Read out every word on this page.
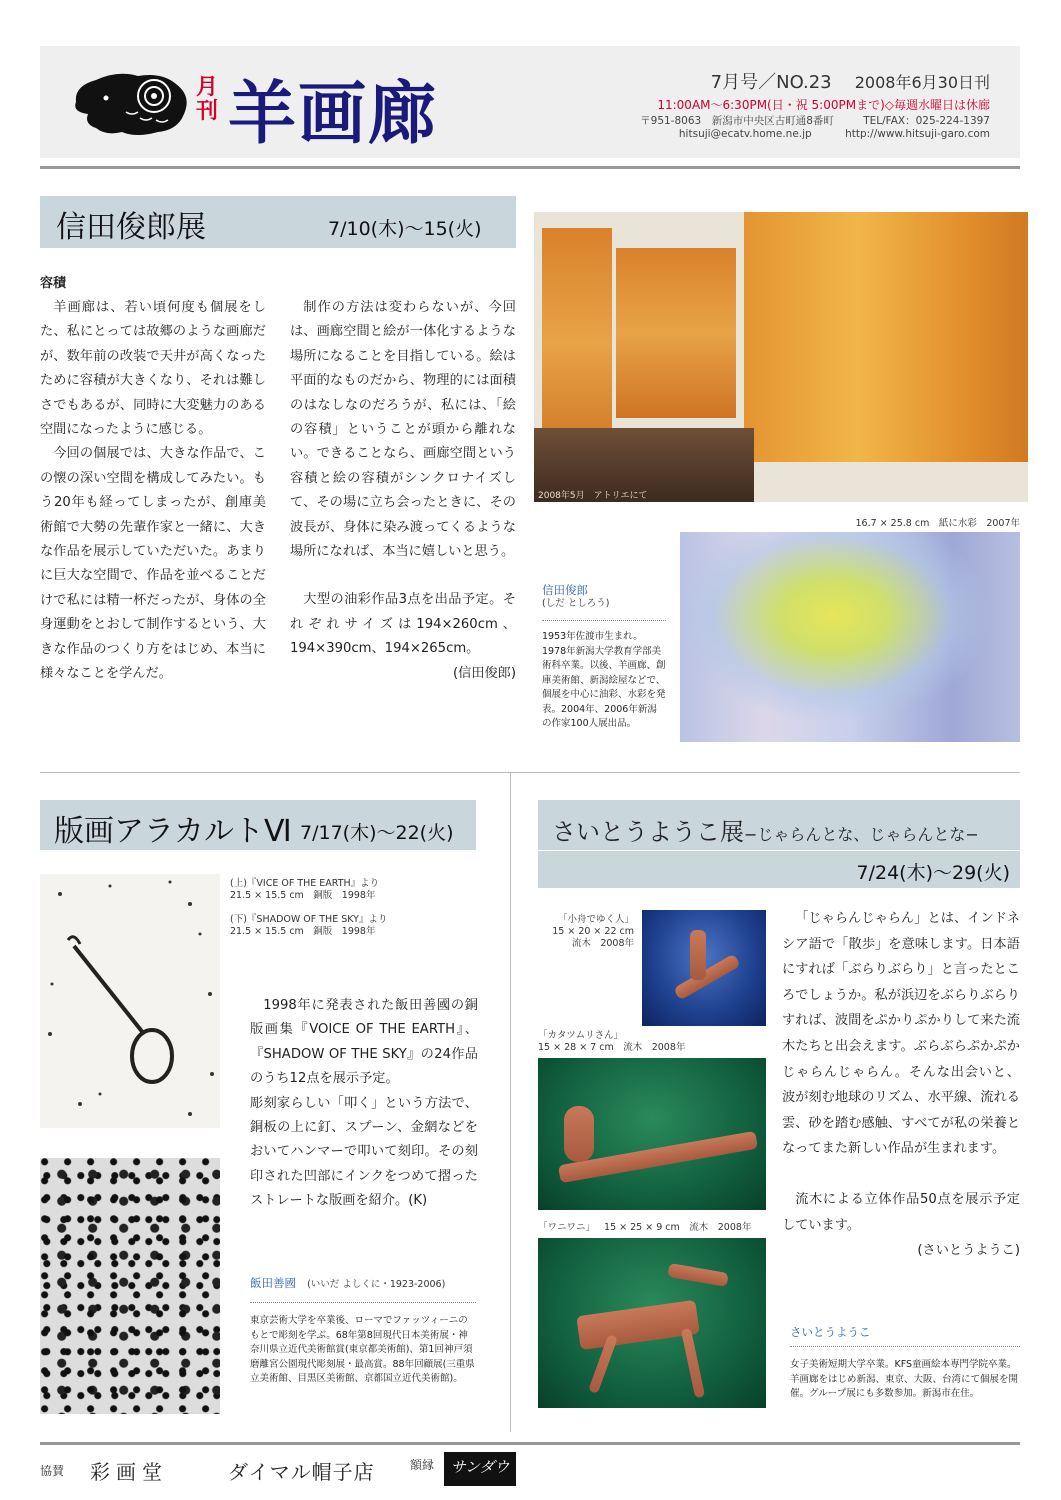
月刊 羊画廊	7月号／NO.23 2008年6月30日刊
11:00AM〜6:30PM(日・祝 5:00PMまで)◇毎週水曜日は休廊
〒951-8063　新潟市中央区古町通8番町	TEL/FAX：025-224-1397
hitsuji@ecatv.home.ne.jp	http://www.hitsuji-garo.com
信田俊郎展	7/10(木)〜15(火)
容積

羊画廊は、若い頃何度も個展をした、私にとっては故郷のような画廊だが、数年前の改装で天井が高くなったために容積が大きくなり、それは難しさでもあるが、同時に大変魅力のある空間になったように感じる。

今回の個展では、大きな作品で、この懐の深い空間を構成してみたい。もう20年も経ってしまったが、創庫美術館で大勢の先輩作家と一緒に、大きな作品を展示していただいた。あまりに巨大な空間で、作品を並べることだけで私には精一杯だったが、身体の全身運動をとおして制作するという、大きな作品のつくり方をはじめ、本当に様々なことを学んだ。

制作の方法は変わらないが、今回は、画廊空間と絵が一体化するような場所になることを目指している。絵は平面的なものだから、物理的には面積のはなしなのだろうが、私には、「絵の容積」ということが頭から離れない。できることなら、画廊空間という容積と絵の容積がシンクロナイズして、その場に立ち会ったときに、その波長が、身体に染み渡ってくるような場所になれば、本当に嬉しいと思う。

大型の油彩作品3点を出品予定。それぞれサイズは194×260cm、194×390cm、194×265cm。

(信田俊郎)
2008年5月　アトリエにて
16.7 × 25.8 cm　紙に水彩　2007年
信田俊郎
(しだ としろう)
1953年佐渡市生まれ。1978年新潟大学教育学部美術科卒業。以後、羊画廊、創庫美術館、新潟絵屋などで、個展を中心に油彩、水彩を発表。2004年、2006年新潟の作家100人展出品。
版画アラカルトⅥ 7/17(木)〜22(火)
(上)『VICE OF THE EARTH』より
21.5 × 15.5 cm　銅版　1998年
(下)『SHADOW OF THE SKY』より
21.5 × 15.5 cm　銅版　1998年

1998年に発表された飯田善國の銅版画集『VOICE OF THE EARTH』、『SHADOW OF THE SKY』の24作品のうち12点を展示予定。

彫刻家らしい「叩く」という方法で、銅板の上に釘、スプーン、金網などをおいてハンマーで叩いて刻印。その刻印された凹部にインクをつめて摺ったストレートな版画を紹介。(K)

飯田善國 (いいだ よしくに・1923-2006)
東京芸術大学を卒業後、ローマでファッツィーニのもとで彫刻を学ぶ。68年第8回現代日本美術展・神奈川県立近代美術館賞(東京都美術館)、第1回神戸須磨離宮公園現代彫刻展・最高賞。88年回顧展(三重県立美術館、目黒区美術館、京都国立近代美術館)。
さいとうようこ展−じゃらんとな、じゃらんとな−
7/24(木)〜29(火)
「小舟でゆく人」
15 × 20 × 22 cm
流木　2008年
「カタツムリさん」
15 × 28 × 7 cm　流木　2008年
「ワニワニ」 15 × 25 × 9 cm　流木　2008年

「じゃらんじゃらん」とは、インドネシア語で「散歩」を意味します。日本語にすれば「ぶらりぶらり」と言ったところでしょうか。私が浜辺をぶらりぶらりすれば、波間をぷかりぷかりして来た流木たちと出会えます。ぶらぶらぷかぷかじゃらんじゃらん。そんな出会いと、波が刻む地球のリズム、水平線、流れる雲、砂を踏む感触、すべてが私の栄養となってまた新しい作品が生まれます。

流木による立体作品50点を展示予定しています。

(さいとうようこ)
さいとうようこ
女子美術短期大学卒業。KFS童画絵本専門学院卒業。羊画廊をはじめ新潟、東京、大阪、台湾にて個展を開催。グループ展にも多数参加。新潟市在住。
協賛 彩画堂	ダイマル帽子店	額縁	サンダウ
